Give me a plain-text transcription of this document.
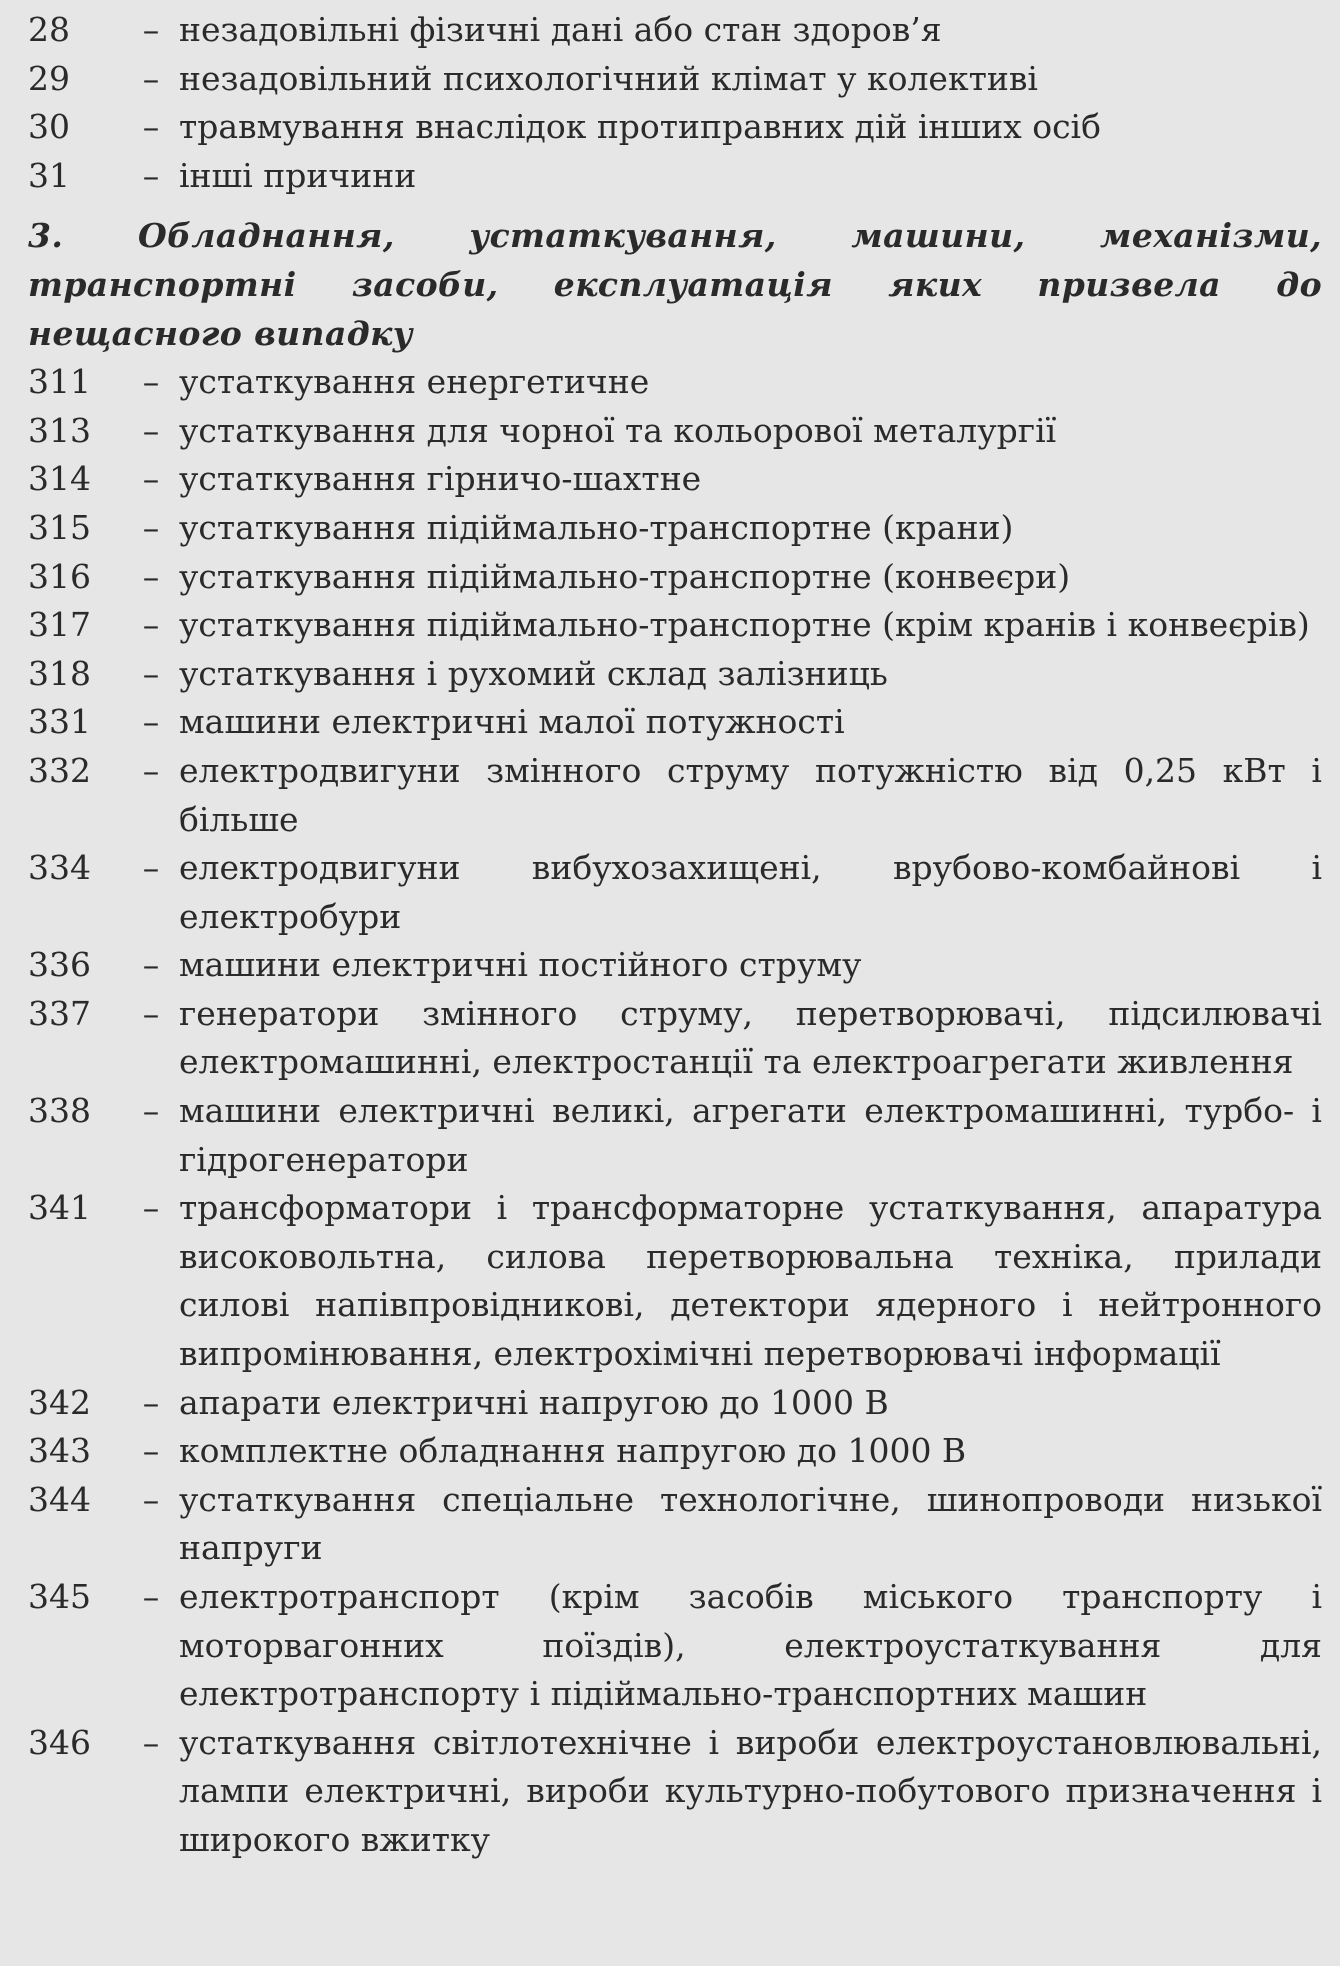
28	– незадовільні фізичні дані або стан здоров’я
29	– незадовільний психологічний клімат у колективі
30	– травмування внаслідок протиправних дій інших осіб
31	– інші причини
3. Обладнання, устаткування, машини, механізми, транспортні засоби, експлуатація яких призвела до нещасного випадку
311	– устаткування енергетичне
313	– устаткування для чорної та кольорової металургії
314	– устаткування гірничо-шахтне
315	– устаткування підіймально-транспортне (крани)
316	– устаткування підіймально-транспортне (конвеєри)
317	– устаткування підіймально-транспортне (крім кранів і конвеєрів)
318	– устаткування і рухомий склад залізниць
331	– машини електричні малої потужності
332	– електродвигуни змінного струму потужністю від 0,25 кВт і більше
334	– електродвигуни вибухозахищені, врубово-комбайнові і електробури
336	– машини електричні постійного струму
337	– генератори змінного струму, перетворювачі, підсилювачі електромашинні, електростанції та електроагрегати живлення
338	– машини електричні великі, агрегати електромашинні, турбо- і гідрогенератори
341	– трансформатори і трансформаторне устаткування, апаратура високовольтна, силова перетворювальна техніка, прилади силові напівпровідникові, детектори ядерного і нейтронного випромінювання, електрохімічні перетворювачі інформації
342	– апарати електричні напругою до 1000 В
343	– комплектне обладнання напругою до 1000 В
344	– устаткування спеціальне технологічне, шинопроводи низької напруги
345	– електротранспорт (крім засобів міського транспорту і моторвагонних поїздів), електроустаткування для електротранспорту і підіймально-транспортних машин
346	– устаткування світлотехнічне і вироби електроустановлювальні, лампи електричні, вироби культурно-побутового призначення і широкого вжитку
